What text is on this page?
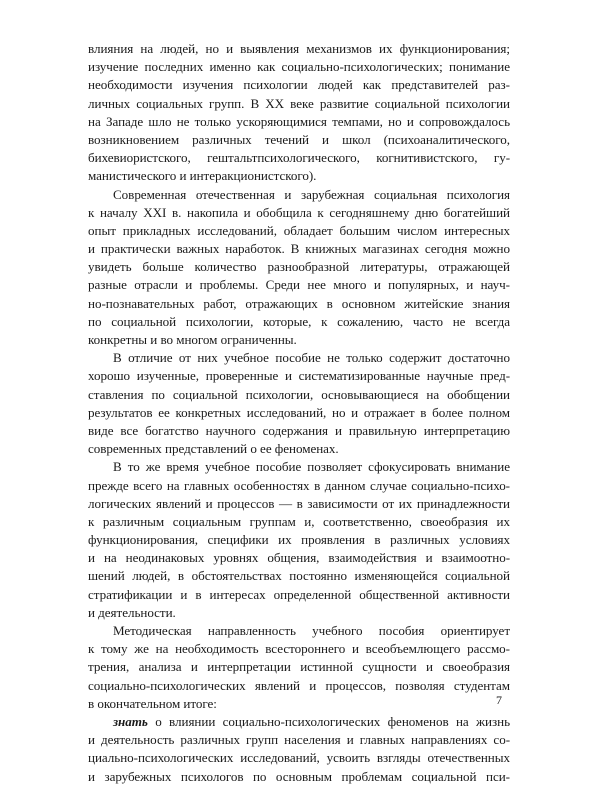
влияния на людей, но и выявления механизмов их функционирования;
изучение последних именно как социально-психологических; понимание
необходимости изучения психологии людей как представителей раз-
личных социальных групп. В XX веке развитие социальной психологии
на Западе шло не только ускоряющимися темпами, но и сопровождалось
возникновением различных течений и школ (психоаналитического,
бихевиористского, гештальтпсихологического, когнитивистского, гу-
манистического и интеракционистского).
Современная отечественная и зарубежная социальная психология
к началу XXI в. накопила и обобщила к сегодняшнему дню богатейший
опыт прикладных исследований, обладает большим числом интересных
и практически важных наработок. В книжных магазинах сегодня можно
увидеть больше количество разнообразной литературы, отражающей
разные отрасли и проблемы. Среди нее много и популярных, и науч-
но-познавательных работ, отражающих в основном житейские знания
по социальной психологии, которые, к сожалению, часто не всегда
конкретны и во многом ограниченны.
В отличие от них учебное пособие не только содержит достаточно
хорошо изученные, проверенные и систематизированные научные пред-
ставления по социальной психологии, основывающиеся на обобщении
результатов ее конкретных исследований, но и отражает в более полном
виде все богатство научного содержания и правильную интерпретацию
современных представлений о ее феноменах.
В то же время учебное пособие позволяет сфокусировать внимание
прежде всего на главных особенностях в данном случае социально-психо-
логических явлений и процессов — в зависимости от их принадлежности
к различным социальным группам и, соответственно, своеобразия их
функционирования, специфики их проявления в различных условиях
и на неодинаковых уровнях общения, взаимодействия и взаимоотно-
шений людей, в обстоятельствах постоянно изменяющейся социальной
стратификации и в интересах определенной общественной активности
и деятельности.
Методическая направленность учебного пособия ориентирует
к тому же на необходимость всестороннего и всеобъемлющего рассмо-
трения, анализа и интерпретации истинной сущности и своеобразия
социально-психологических явлений и процессов, позволяя студентам
в окончательном итоге:
знать о влиянии социально-психологических феноменов на жизнь
и деятельность различных групп населения и главных направлениях со-
циально-психологических исследований, усвоить взгляды отечественных
и зарубежных психологов по основным проблемам социальной пси-
7
